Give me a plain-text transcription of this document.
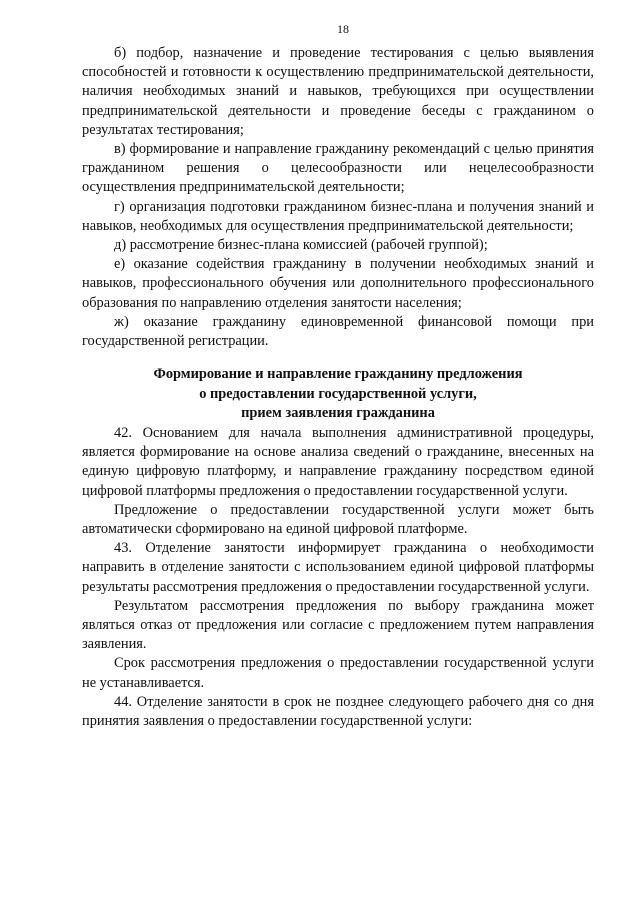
18

б) подбор, назначение и проведение тестирования с целью выявления способностей и готовности к осуществлению предпринимательской деятельности, наличия необходимых знаний и навыков, требующихся при осуществлении предпринимательской деятельности и проведение беседы с гражданином о результатах тестирования;

в) формирование и направление гражданину рекомендаций с целью принятия гражданином решения о целесообразности или нецелесообразности осуществления предпринимательской деятельности;

г) организация подготовки гражданином бизнес-плана и получения знаний и навыков, необходимых для осуществления предпринимательской деятельности;

д) рассмотрение бизнес-плана комиссией (рабочей группой);

е) оказание содействия гражданину в получении необходимых знаний и навыков, профессионального обучения или дополнительного профессионального образования по направлению отделения занятости населения;

ж) оказание гражданину единовременной финансовой помощи при государственной регистрации.

Формирование и направление гражданину предложения
о предоставлении государственной услуги,
прием заявления гражданина

42. Основанием для начала выполнения административной процедуры, является формирование на основе анализа сведений о гражданине, внесенных на единую цифровую платформу, и направление гражданину посредством единой цифровой платформы предложения о предоставлении государственной услуги.

Предложение о предоставлении государственной услуги может быть автоматически сформировано на единой цифровой платформе.

43. Отделение занятости информирует гражданина о необходимости направить в отделение занятости с использованием единой цифровой платформы результаты рассмотрения предложения о предоставлении государственной услуги.

Результатом рассмотрения предложения по выбору гражданина может являться отказ от предложения или согласие с предложением путем направления заявления.

Срок рассмотрения предложения о предоставлении государственной услуги не устанавливается.

44. Отделение занятости в срок не позднее следующего рабочего дня со дня принятия заявления о предоставлении государственной услуги:
